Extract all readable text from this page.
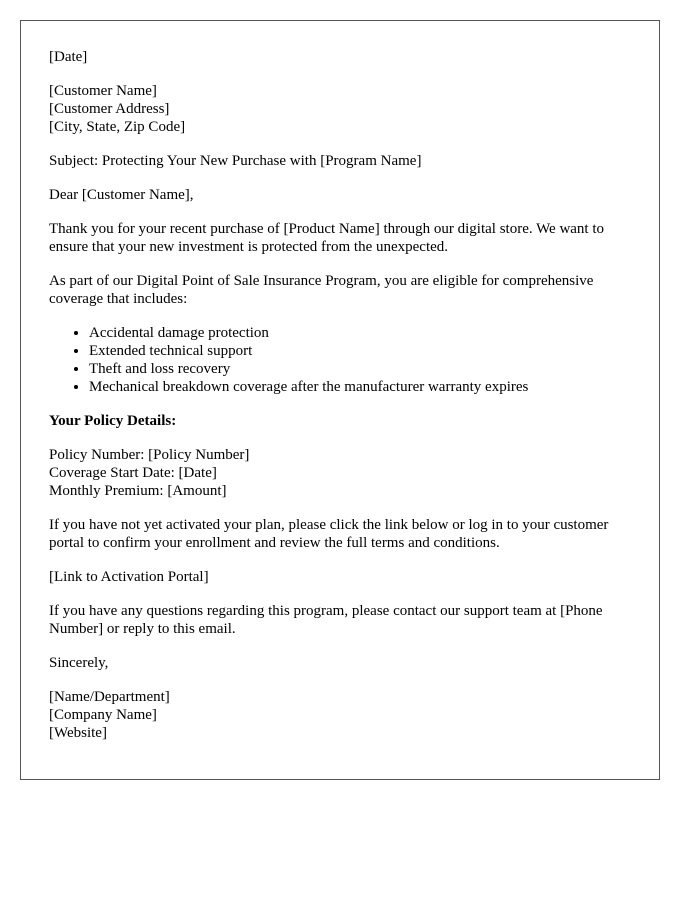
[Date]
[Customer Name]
[Customer Address]
[City, State, Zip Code]

Subject: Protecting Your New Purchase with [Program Name]

Dear [Customer Name],

Thank you for your recent purchase of [Product Name] through our digital store. We want to ensure that your new investment is protected from the unexpected.

As part of our Digital Point of Sale Insurance Program, you are eligible for comprehensive coverage that includes:

• Accidental damage protection
• Extended technical support
• Theft and loss recovery
• Mechanical breakdown coverage after the manufacturer warranty expires
Your Policy Details:
Policy Number: [Policy Number]
Coverage Start Date: [Date]
Monthly Premium: [Amount]

If you have not yet activated your plan, please click the link below or log in to your customer portal to confirm your enrollment and review the full terms and conditions.

[Link to Activation Portal]

If you have any questions regarding this program, please contact our support team at [Phone Number] or reply to this email.

Sincerely,

[Name/Department]
[Company Name]
[Website]
